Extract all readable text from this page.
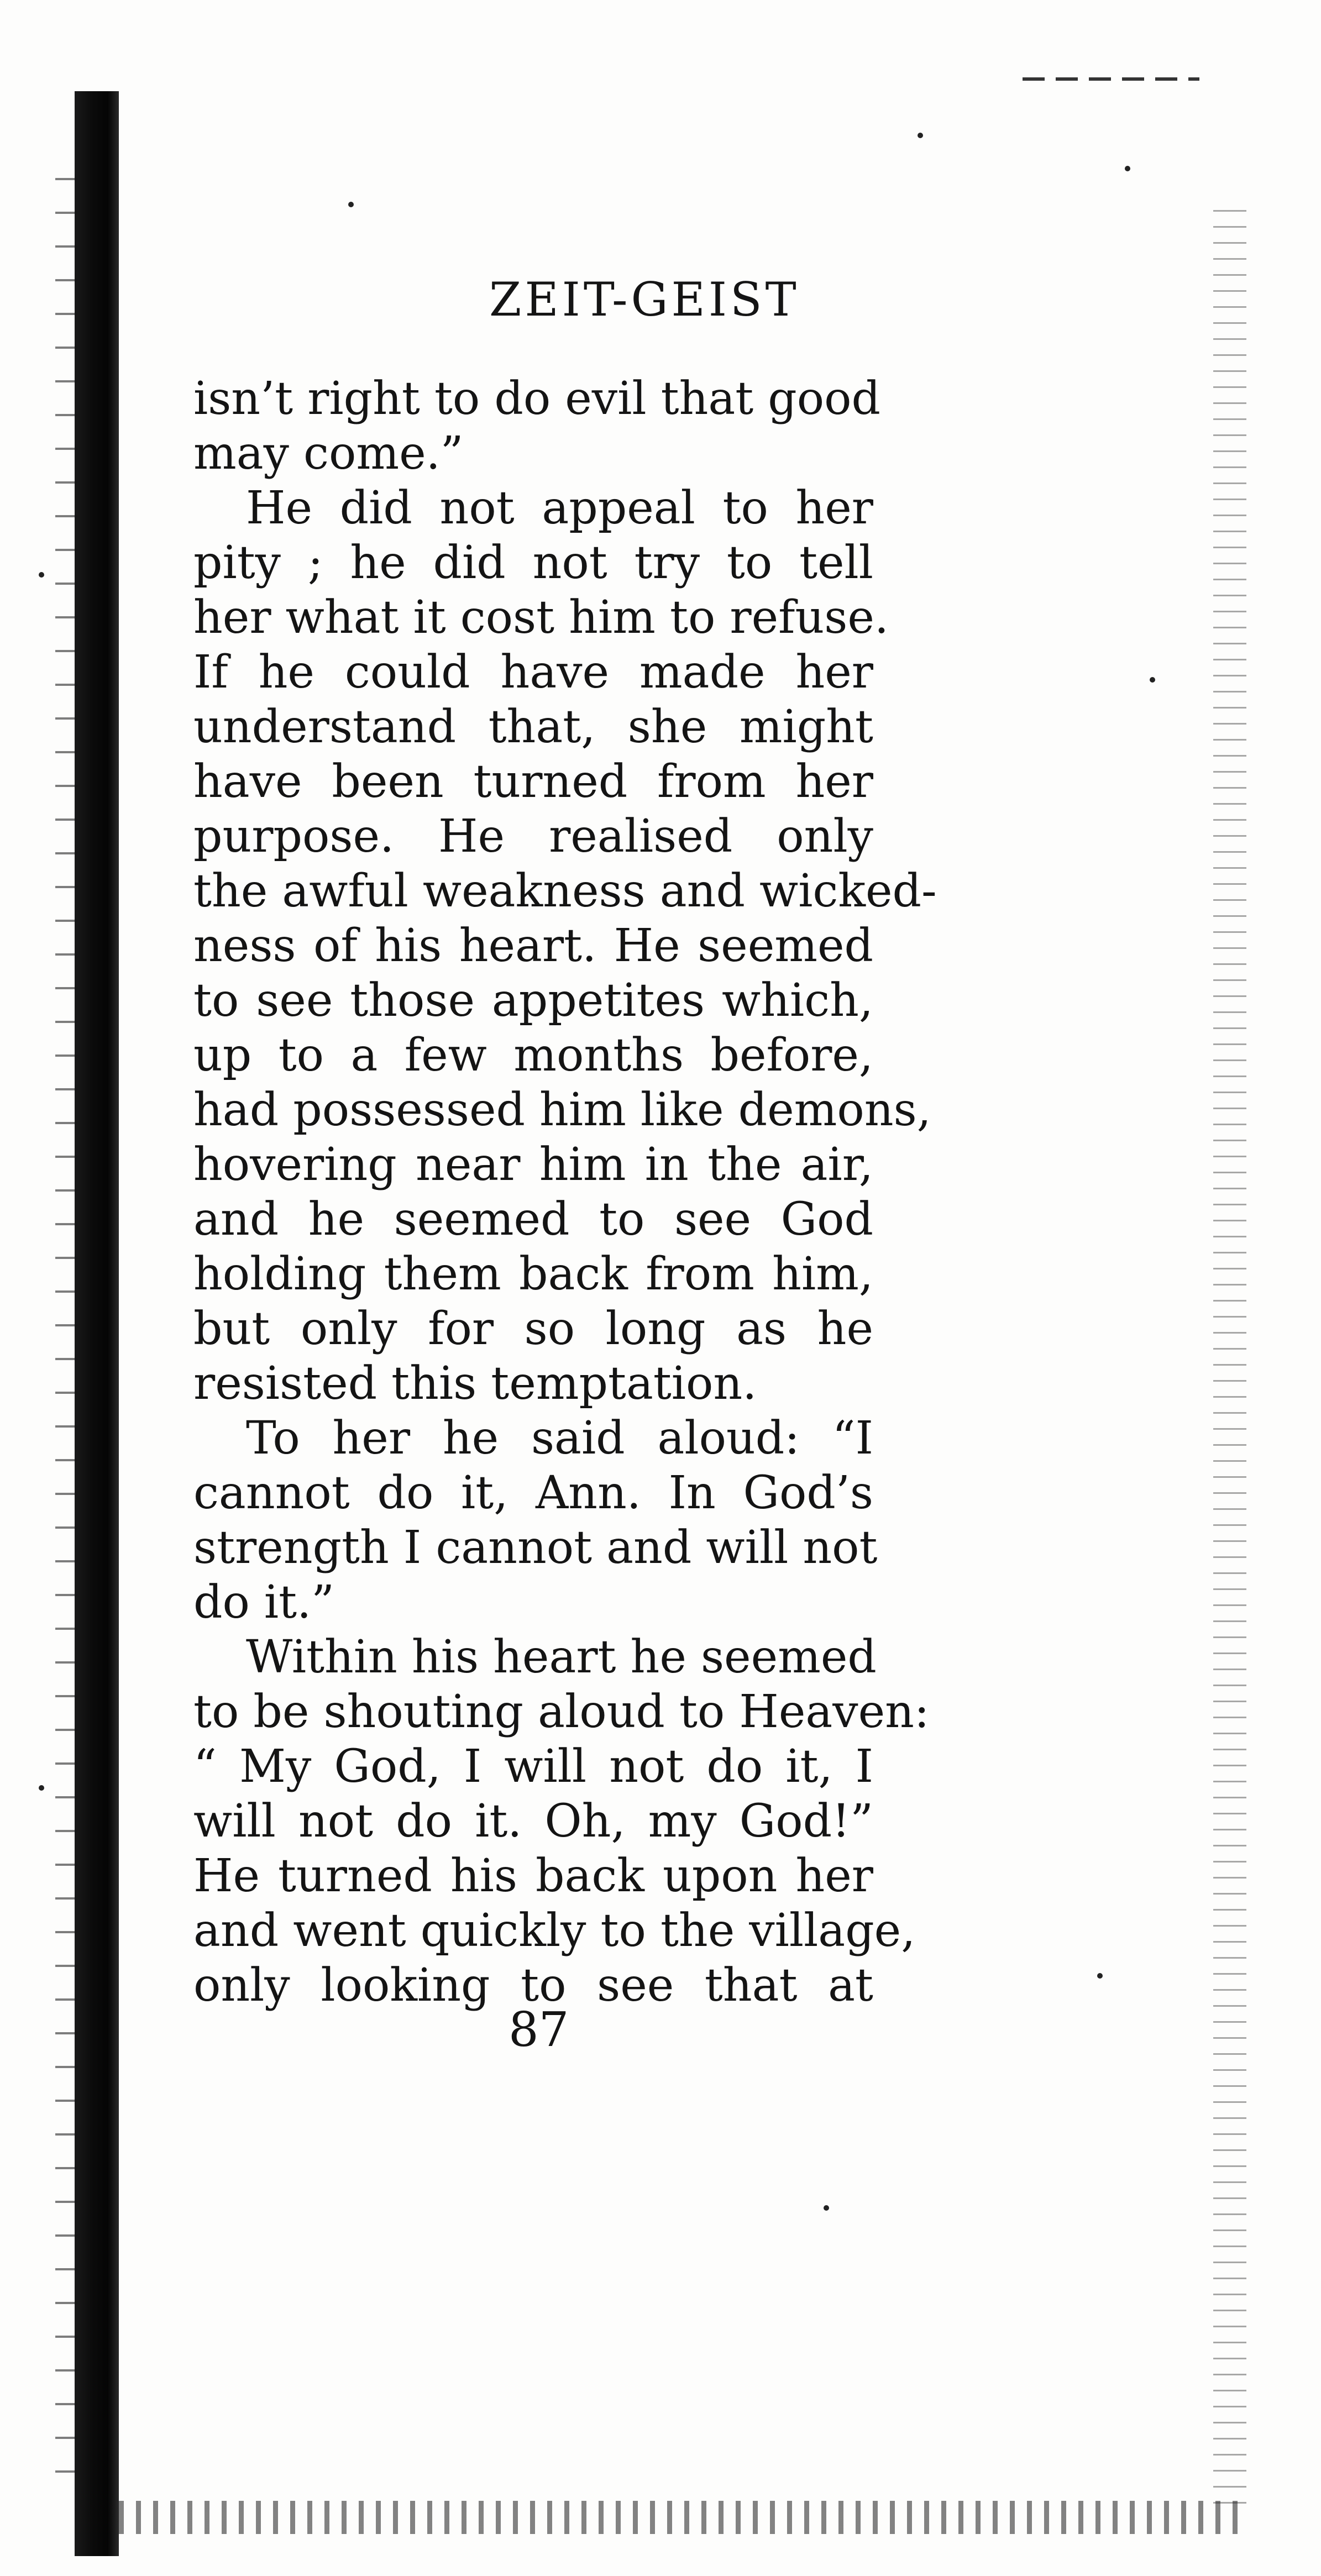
ZEIT-GEIST
isn’t right to do evil that good
may come.”
He did not appeal to her
pity ; he did not try to tell
her what it cost him to refuse.
If he could have made her
understand that, she might
have been turned from her
purpose. He realised only
the awful weakness and wicked-
ness of his heart. He seemed
to see those appetites which,
up to a few months before,
had possessed him like demons,
hovering near him in the air,
and he seemed to see God
holding them back from him,
but only for so long as he
resisted this temptation.
To her he said aloud: “I
cannot do it, Ann. In God’s
strength I cannot and will not
do it.”
Within his heart he seemed
to be shouting aloud to Heaven:
“ My God, I will not do it, I
will not do it. Oh, my God!”
He turned his back upon her
and went quickly to the village,
only looking to see that at
87
